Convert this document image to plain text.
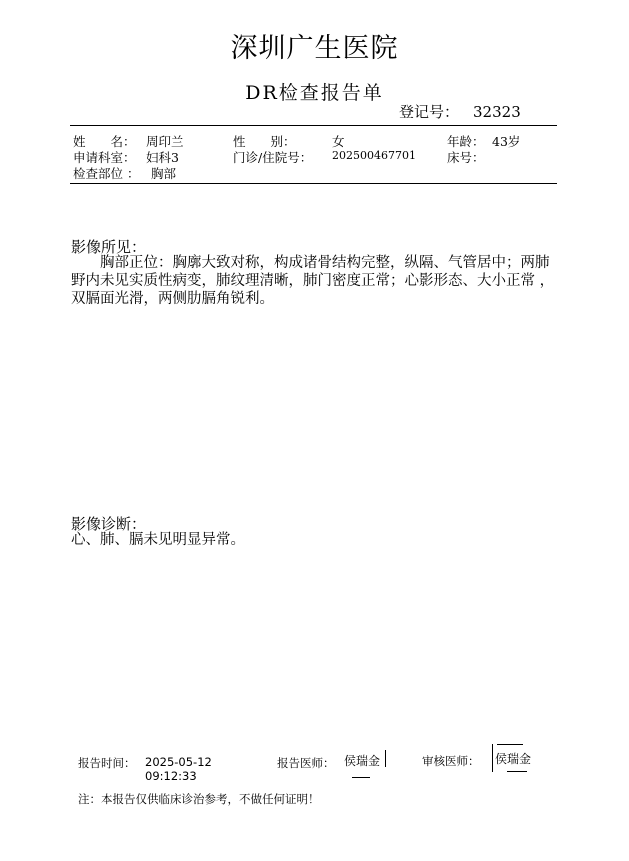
深圳广生医院
DR检查报告单
登记号： 32323
姓　　名： 周印兰	性　　别：	女	年龄： 43岁
申请科室： 妇科3	门诊/住院号： 202500467701 床号：
检查部位 ： 胸部
影像所见：
　　胸部正位：胸廓大致对称，构成诸骨结构完整，纵隔、气管居中；两肺野内未见实质性病变，肺纹理清晰，肺门密度正常；心影形态、大小正常 ，双膈面光滑，两侧肋膈角锐利。
影像诊断：
心、肺、膈未见明显异常。
报告时间： 2025-05-12
09:12:33
报告医师： 侯瑞金	审核医师： 侯瑞金
注：本报告仅供临床诊治参考，不做任何证明！
